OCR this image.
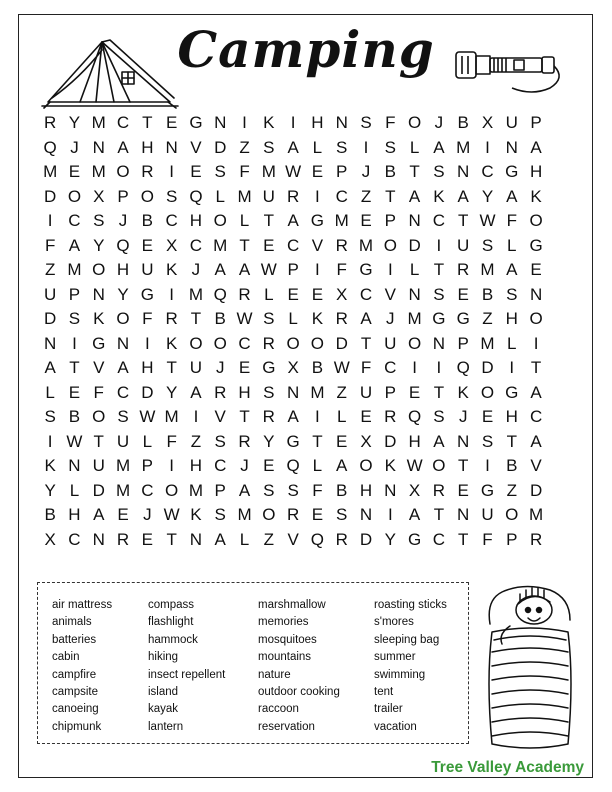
Camping
R Y M C T E G N I K I H N S F O J B X U P
Q J N A H N V D Z S A L S I S L A M I N A
M E M O R I E S F M W E P J B T S N C G H
D O X P O S Q L M U R I C Z T A K A Y A K
I C S J B C H O L T A G M E P N C T W F O
F A Y Q E X C M T E C V R M O D I U S L G
Z M O H U K J A A W P I F G I	L T R M A E
U P N Y G I M Q R L E E X C V N S E B S N
D S K O F R T B W S L K R A J M G G Z H O
N I G N I K O O C R O O D T U O N P M L	I
A T V A H T U J E G X B W F C I	I Q D I T
L E F C D Y A R H S N M Z U P E T K O G A
S B O S W M I V T R A I	L E R Q S J E H C
I W T U L F Z S R Y G T E X D H A N S T A
K N U M P I H C J E Q L A O K W O T I B V
Y L D M C O M P A S S F B H N X R E G Z D
B H A E J W K S M O R E S N I A T N U O M
X C N R E T N A L Z V Q R D Y G C T F P R
air mattress
animals
batteries
cabin
campfire
campsite
canoeing
chipmunk
compass
flashlight
hammock
hiking
insect repellent
island
kayak
lantern
marshmallow
memories
mosquitoes
mountains
nature
outdoor cooking
raccoon
reservation
roasting sticks
s'mores
sleeping bag
summer
swimming
tent
trailer
vacation
Tree Valley Academy
